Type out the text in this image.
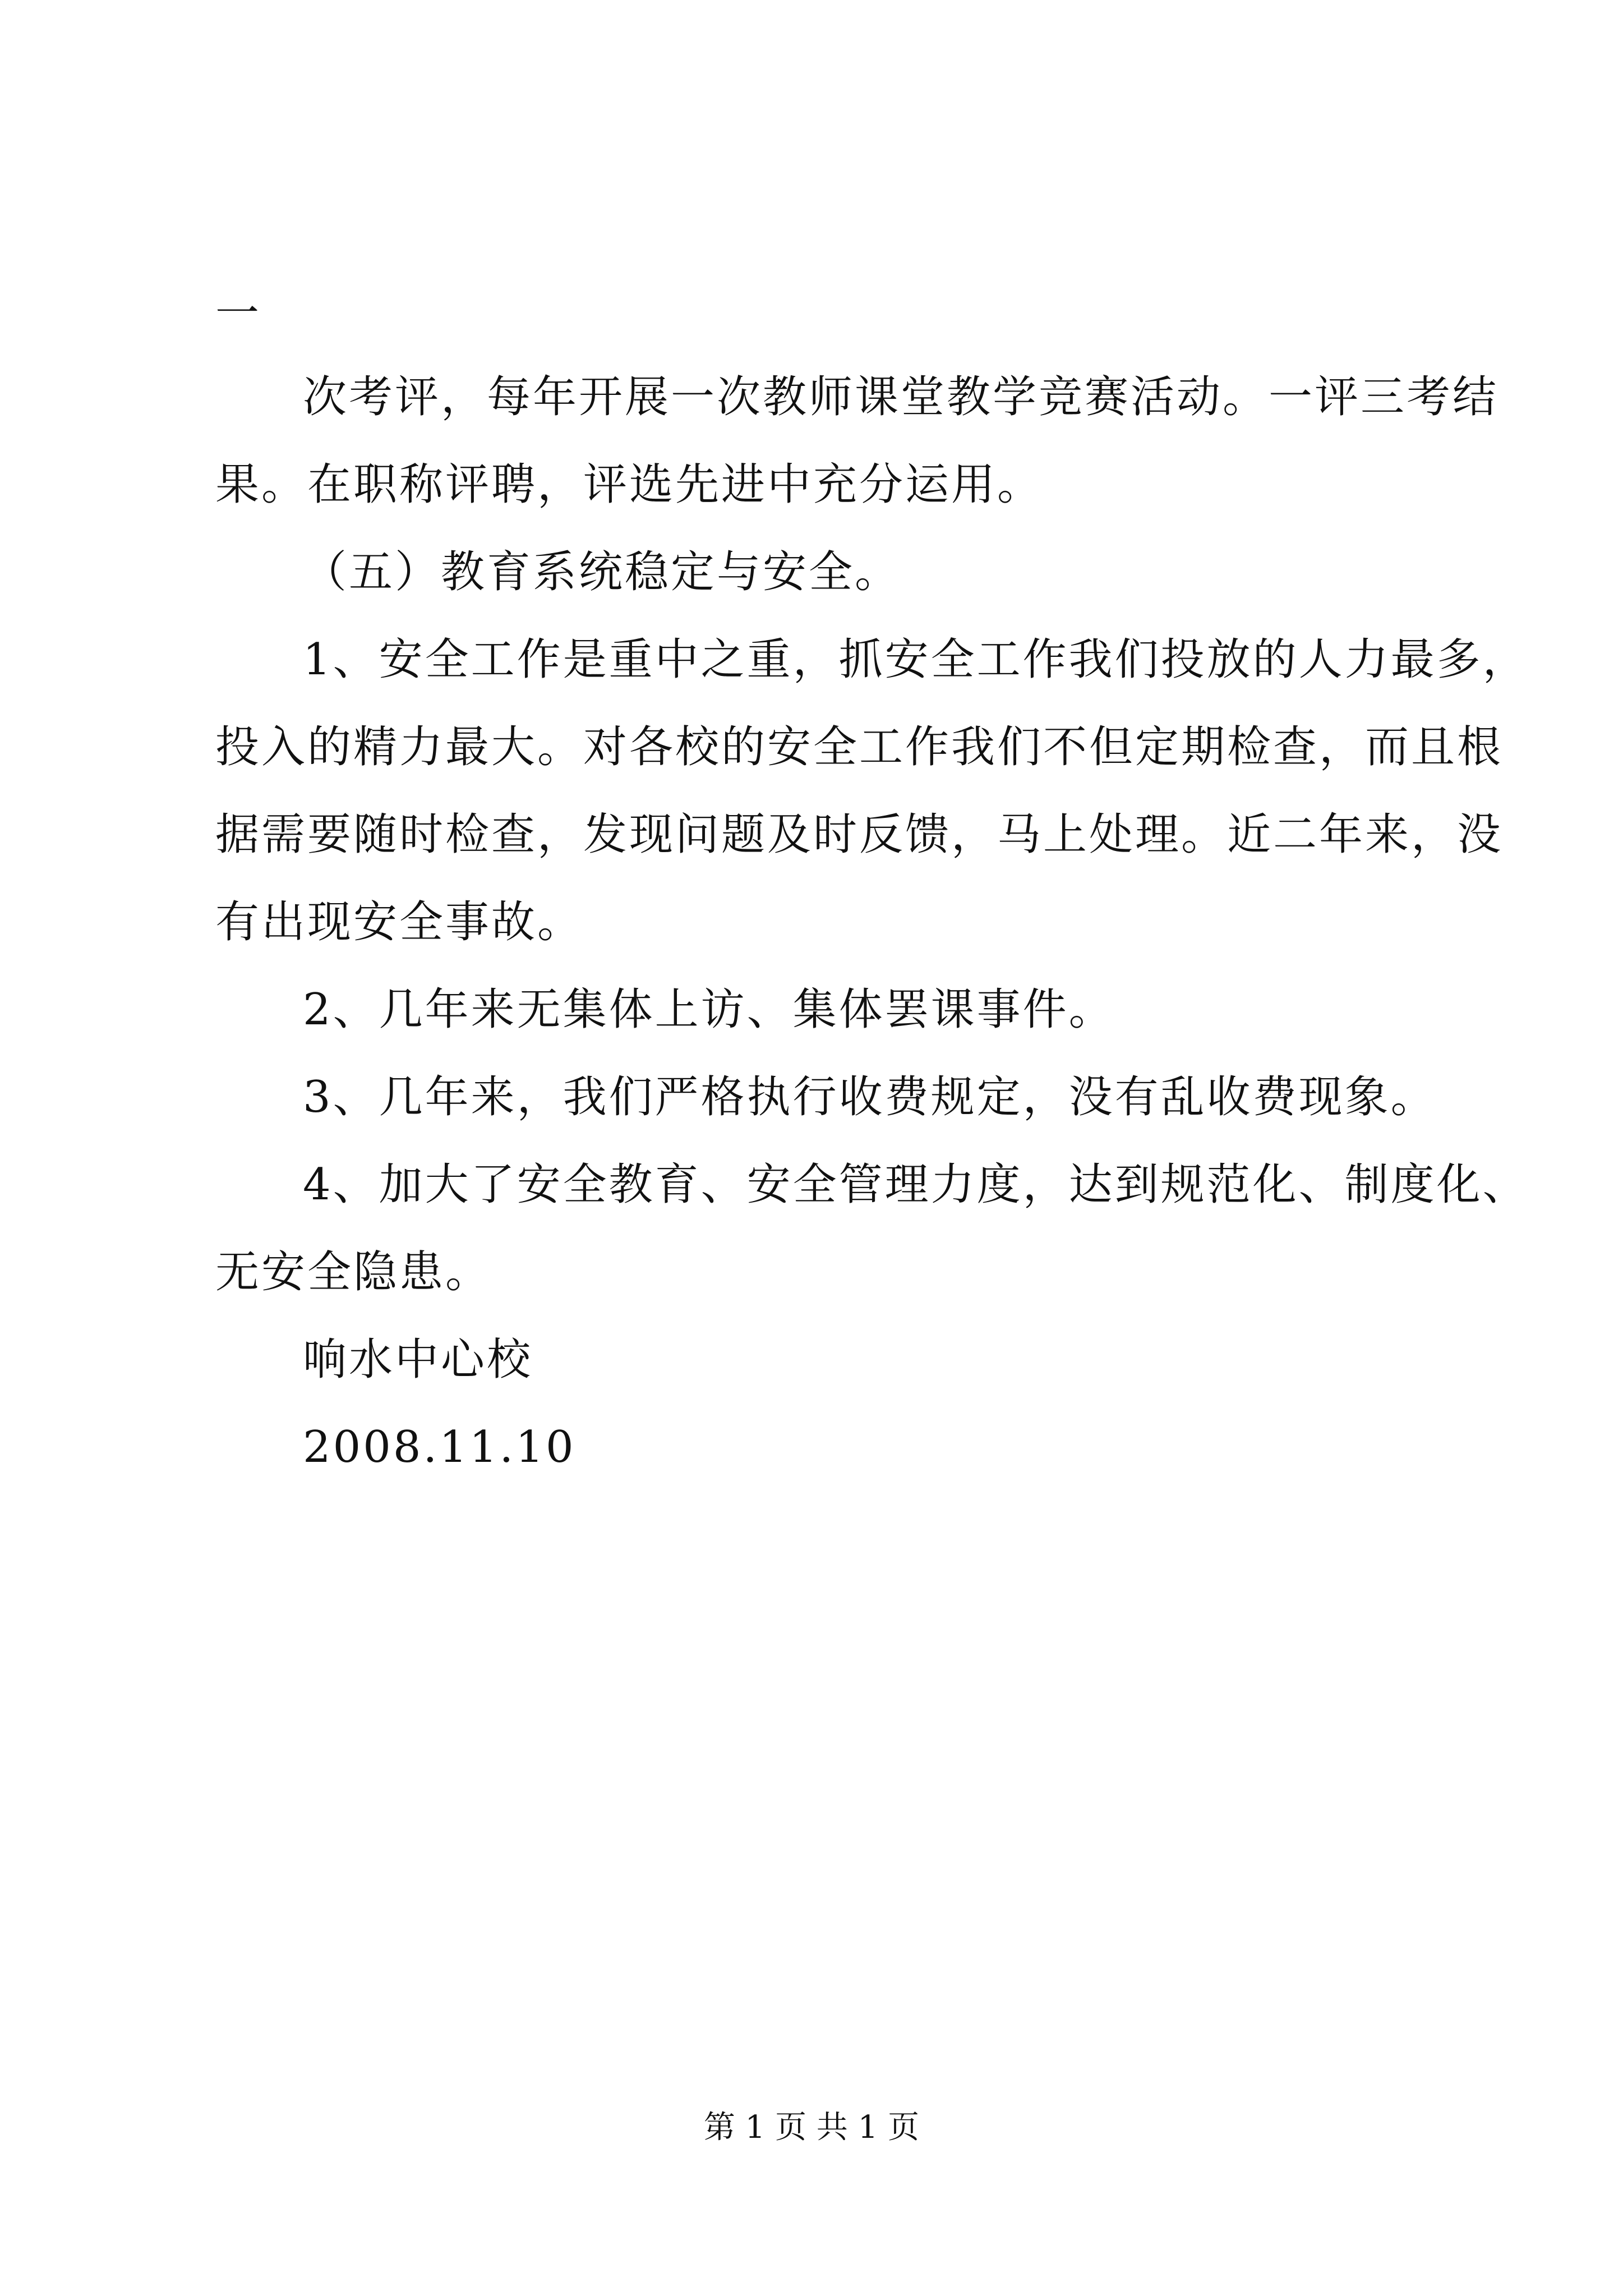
一
次考评，每年开展一次教师课堂教学竞赛活动。一评三考结
果。在职称评聘，评选先进中充分运用。
（五）教育系统稳定与安全。
1、安全工作是重中之重，抓安全工作我们投放的人力最多，
投入的精力最大。对各校的安全工作我们不但定期检查，而且根
据需要随时检查，发现问题及时反馈，马上处理。近二年来，没
有出现安全事故。
2、几年来无集体上访、集体罢课事件。
3、几年来，我们严格执行收费规定，没有乱收费现象。
4、加大了安全教育、安全管理力度，达到规范化、制度化、
无安全隐患。
响水中心校
2008.11.10
第 1 页 共 1 页
